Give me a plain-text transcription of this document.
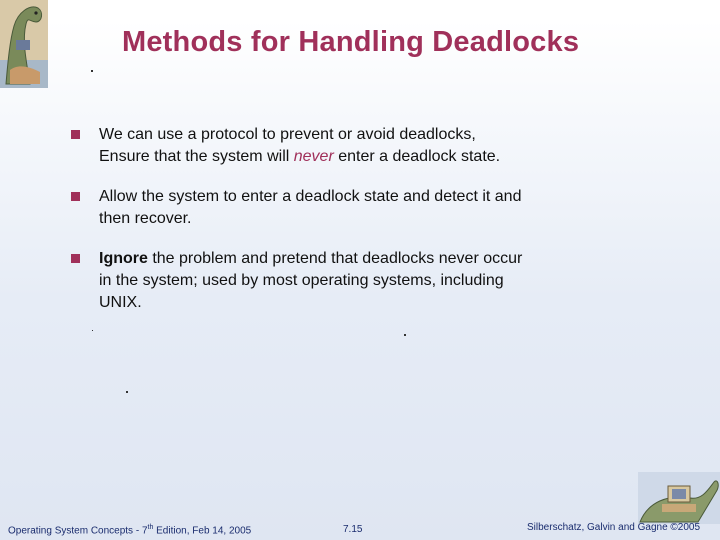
Methods for Handling Deadlocks
We can use a protocol to prevent or avoid deadlocks,
Ensure that the system will never enter a deadlock state.
Allow the system to enter a deadlock state and detect it and
then recover.
Ignore the problem and pretend that deadlocks never occur
in the system; used by most operating systems, including
UNIX.
Operating System Concepts - 7th Edition, Feb 14, 2005	7.15	Silberschatz, Galvin and Gagne ©2005
